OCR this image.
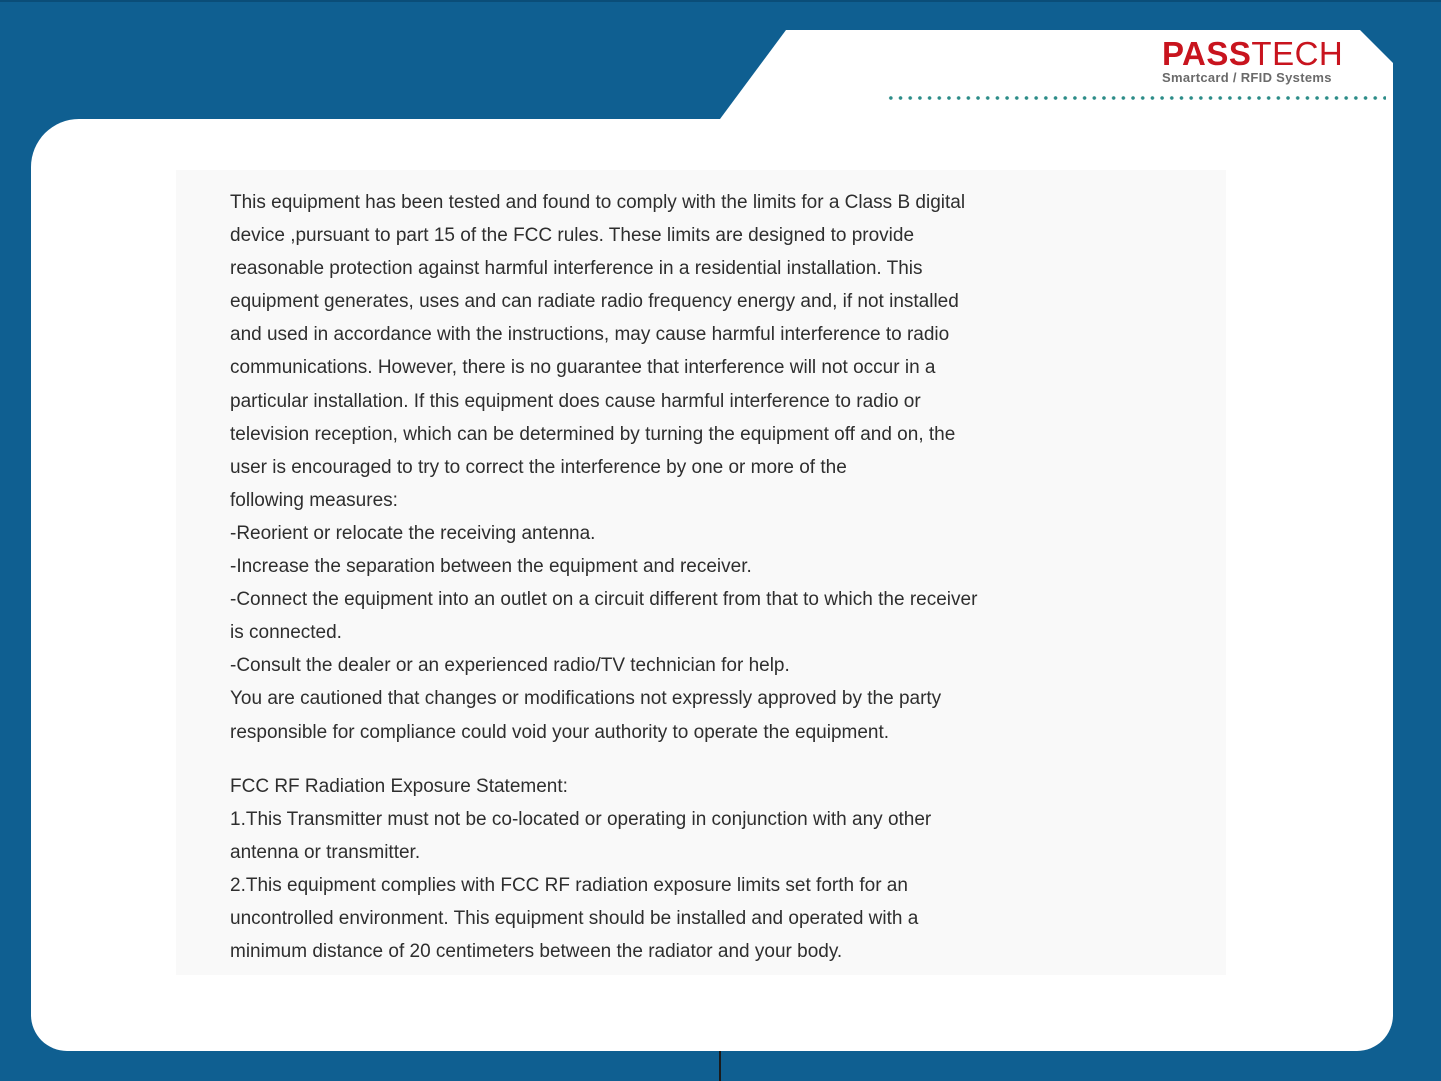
PASSTECH
Smartcard / RFID Systems
This equipment has been tested and found to comply with the limits for a Class B digital
device ,pursuant to part 15 of the FCC rules. These limits are designed to provide
reasonable protection against harmful interference in a residential installation. This
equipment generates, uses and can radiate radio frequency energy and, if not installed
and used in accordance with the instructions, may cause harmful interference to radio
communications. However, there is no guarantee that interference will not occur in a
particular installation. If this equipment does cause harmful interference to radio or
television reception, which can be determined by turning the equipment off and on, the
user is encouraged to try to correct the interference by one or more of the
following measures:
-Reorient or relocate the receiving antenna.
-Increase the separation between the equipment and receiver.
-Connect the equipment into an outlet on a circuit different from that to which the receiver
is connected.
-Consult the dealer or an experienced radio/TV technician for help.
You are cautioned that changes or modifications not expressly approved by the party
responsible for compliance could void your authority to operate the equipment.
FCC RF Radiation Exposure Statement:
1.This Transmitter must not be co-located or operating in conjunction with any other
antenna or transmitter.
2.This equipment complies with FCC RF radiation exposure limits set forth for an
uncontrolled environment. This equipment should be installed and operated with a
minimum distance of 20 centimeters between the radiator and your body.
